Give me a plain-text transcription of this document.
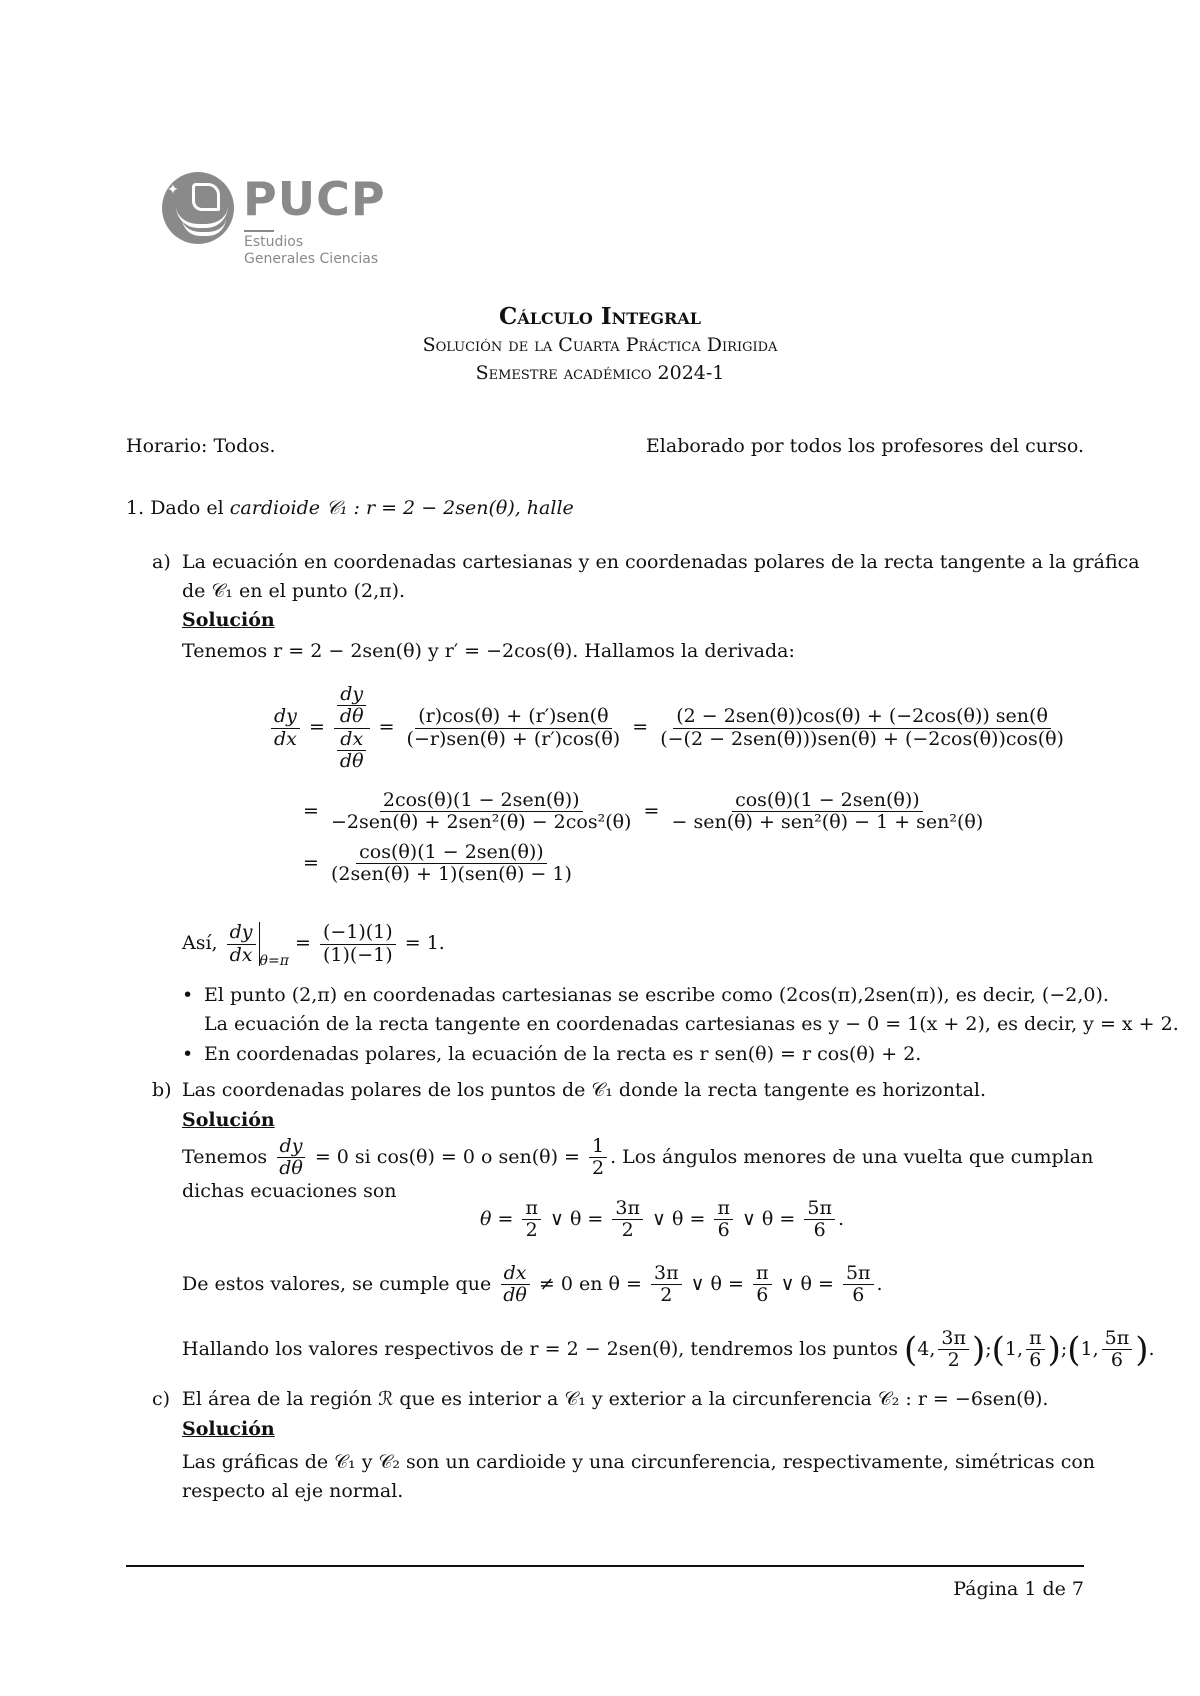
✦ PUCP
Estudios
Generales Ciencias
Cálculo Integral
Solución de la Cuarta Práctica Dirigida
Semestre académico 2024-1
Horario: Todos.	Elaborado por todos los profesores del curso.
1. Dado el cardioide 𝒞₁ : r = 2 − 2sen(θ), halle
a) La ecuación en coordenadas cartesianas y en coordenadas polares de la recta tangente a la gráfica
de 𝒞₁ en el punto (2,π).
Solución
Tenemos r = 2 − 2sen(θ) y r′ = −2cos(θ). Hallamos la derivada:
$\frac{dy}{dx} = \frac{\frac{dy}{d\theta}}{\frac{dx}{d\theta}} = \frac{\text{(r)cos(θ) + (r′)sen(θ}}{\text{(−r)sen(θ) + (r′)cos(θ)}} = \frac{\text{(2 − 2sen(θ))cos(θ) + (−2cos(θ)) sen(θ}}{\text{(−(2 − 2sen(θ)))sen(θ) + (−2cos(θ))cos(θ)}}$
= $\frac{\text{2cos(θ)(1 − 2sen(θ))}}{\text{−2sen(θ) + 2sen²(θ) − 2cos²(θ)}} = \frac{\text{cos(θ)(1 − 2sen(θ))}}{\text{− sen(θ) + sen²(θ) − 1 + sen²(θ)}}$
= $\frac{\text{cos(θ)(1 − 2sen(θ))}}{\text{(2sen(θ) + 1)(sen(θ) − 1)}}$
Así, $\frac{dy}{dx} _{\theta=\pi} = \frac{(-1)(1)}{(1)(-1)} = 1$.
• El punto (2,π) en coordenadas cartesianas se escribe como (2cos(π),2sen(π)), es decir, (−2,0).
La ecuación de la recta tangente en coordenadas cartesianas es y − 0 = 1(x + 2), es decir, y = x + 2.
• En coordenadas polares, la ecuación de la recta es r sen(θ) = r cos(θ) + 2.
b) Las coordenadas polares de los puntos de 𝒞₁ donde la recta tangente es horizontal.
Solución
Tenemos $\frac{dy}{d\theta} = 0$ si cos(θ) = 0 o $sen(\theta) = \frac{1}{2}$ . Los ángulos menores de una vuelta que cumplan
dichas ecuaciones son
$\theta = \frac{\pi}{2}$ ∨ $\theta = \frac{3\pi}{2}$ ∨ $\theta = \frac{\pi}{6}$ ∨ $\theta = \frac{5\pi}{6}$ .
De estos valores, se cumple que $\frac{dx}{d\theta} \ne 0$ en $\theta = \frac{3\pi}{2}$ ∨ $\theta = \frac{\pi}{6}$ ∨ $\theta = \frac{5\pi}{6}$ .
Hallando los valores respectivos de r = 2 − 2sen(θ), tendremos los puntos (4, $\frac{3\pi}{2}$ );(1, $\frac{\pi}{6}$ );(1, $\frac{5\pi}{6}$ ).
c) El área de la región ℛ que es interior a 𝒞₁ y exterior a la circunferencia 𝒞₂ : r = −6sen(θ).
Solución
Las gráficas de 𝒞₁ y 𝒞₂ son un cardioide y una circunferencia, respectivamente, simétricas con
respecto al eje normal.
Página 1 de 7
